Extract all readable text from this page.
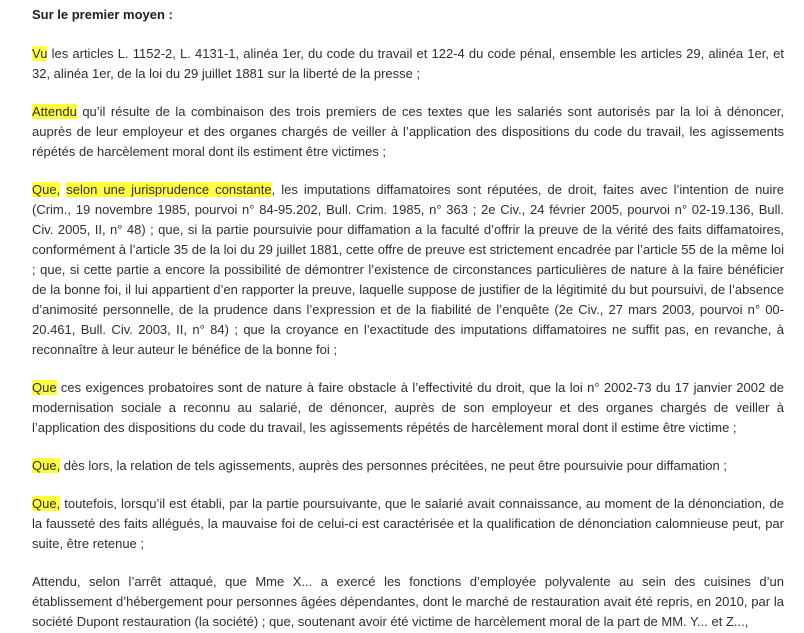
Sur le premier moyen :

Vu les articles L. 1152-2, L. 4131-1, alinéa 1er, du code du travail et 122-4 du code pénal, ensemble les articles 29, alinéa 1er, et 32, alinéa 1er, de la loi du 29 juillet 1881 sur la liberté de la presse ;

Attendu qu’il résulte de la combinaison des trois premiers de ces textes que les salariés sont autorisés par la loi à dénoncer, auprès de leur employeur et des organes chargés de veiller à l’application des dispositions du code du travail, les agissements répétés de harcèlement moral dont ils estiment être victimes ;

Que, selon une jurisprudence constante, les imputations diffamatoires sont réputées, de droit, faites avec l’intention de nuire (Crim., 19 novembre 1985, pourvoi n° 84-95.202, Bull. Crim. 1985, n° 363 ; 2e Civ., 24 février 2005, pourvoi n° 02-19.136, Bull. Civ. 2005, II, n° 48) ; que, si la partie poursuivie pour diffamation a la faculté d’offrir la preuve de la vérité des faits diffamatoires, conformément à l’article 35 de la loi du 29 juillet 1881, cette offre de preuve est strictement encadrée par l’article 55 de la même loi ; que, si cette partie a encore la possibilité de démontrer l’existence de circonstances particulières de nature à la faire bénéficier de la bonne foi, il lui appartient d’en rapporter la preuve, laquelle suppose de justifier de la légitimité du but poursuivi, de l’absence d’animosité personnelle, de la prudence dans l’expression et de la fiabilité de l’enquête (2e Civ., 27 mars 2003, pourvoi n° 00-20.461, Bull. Civ. 2003, II, n° 84) ; que la croyance en l’exactitude des imputations diffamatoires ne suffit pas, en revanche, à reconnaître à leur auteur le bénéfice de la bonne foi ;

Que ces exigences probatoires sont de nature à faire obstacle à l’effectivité du droit, que la loi n° 2002-73 du 17 janvier 2002 de modernisation sociale a reconnu au salarié, de dénoncer, auprès de son employeur et des organes chargés de veiller à l’application des dispositions du code du travail, les agissements répétés de harcèlement moral dont il estime être victime ;

Que, dès lors, la relation de tels agissements, auprès des personnes précitées, ne peut être poursuivie pour diffamation ;

Que, toutefois, lorsqu’il est établi, par la partie poursuivante, que le salarié avait connaissance, au moment de la dénonciation, de la fausseté des faits allégués, la mauvaise foi de celui-ci est caractérisée et la qualification de dénonciation calomnieuse peut, par suite, être retenue ;

Attendu, selon l’arrêt attaqué, que Mme X... a exercé les fonctions d’employée polyvalente au sein des cuisines d’un établissement d’hébergement pour personnes âgées dépendantes, dont le marché de restauration avait été repris, en 2010, par la société Dupont restauration (la société) ; que, soutenant avoir été victime de harcèlement moral de la part de MM. Y... et Z...,
